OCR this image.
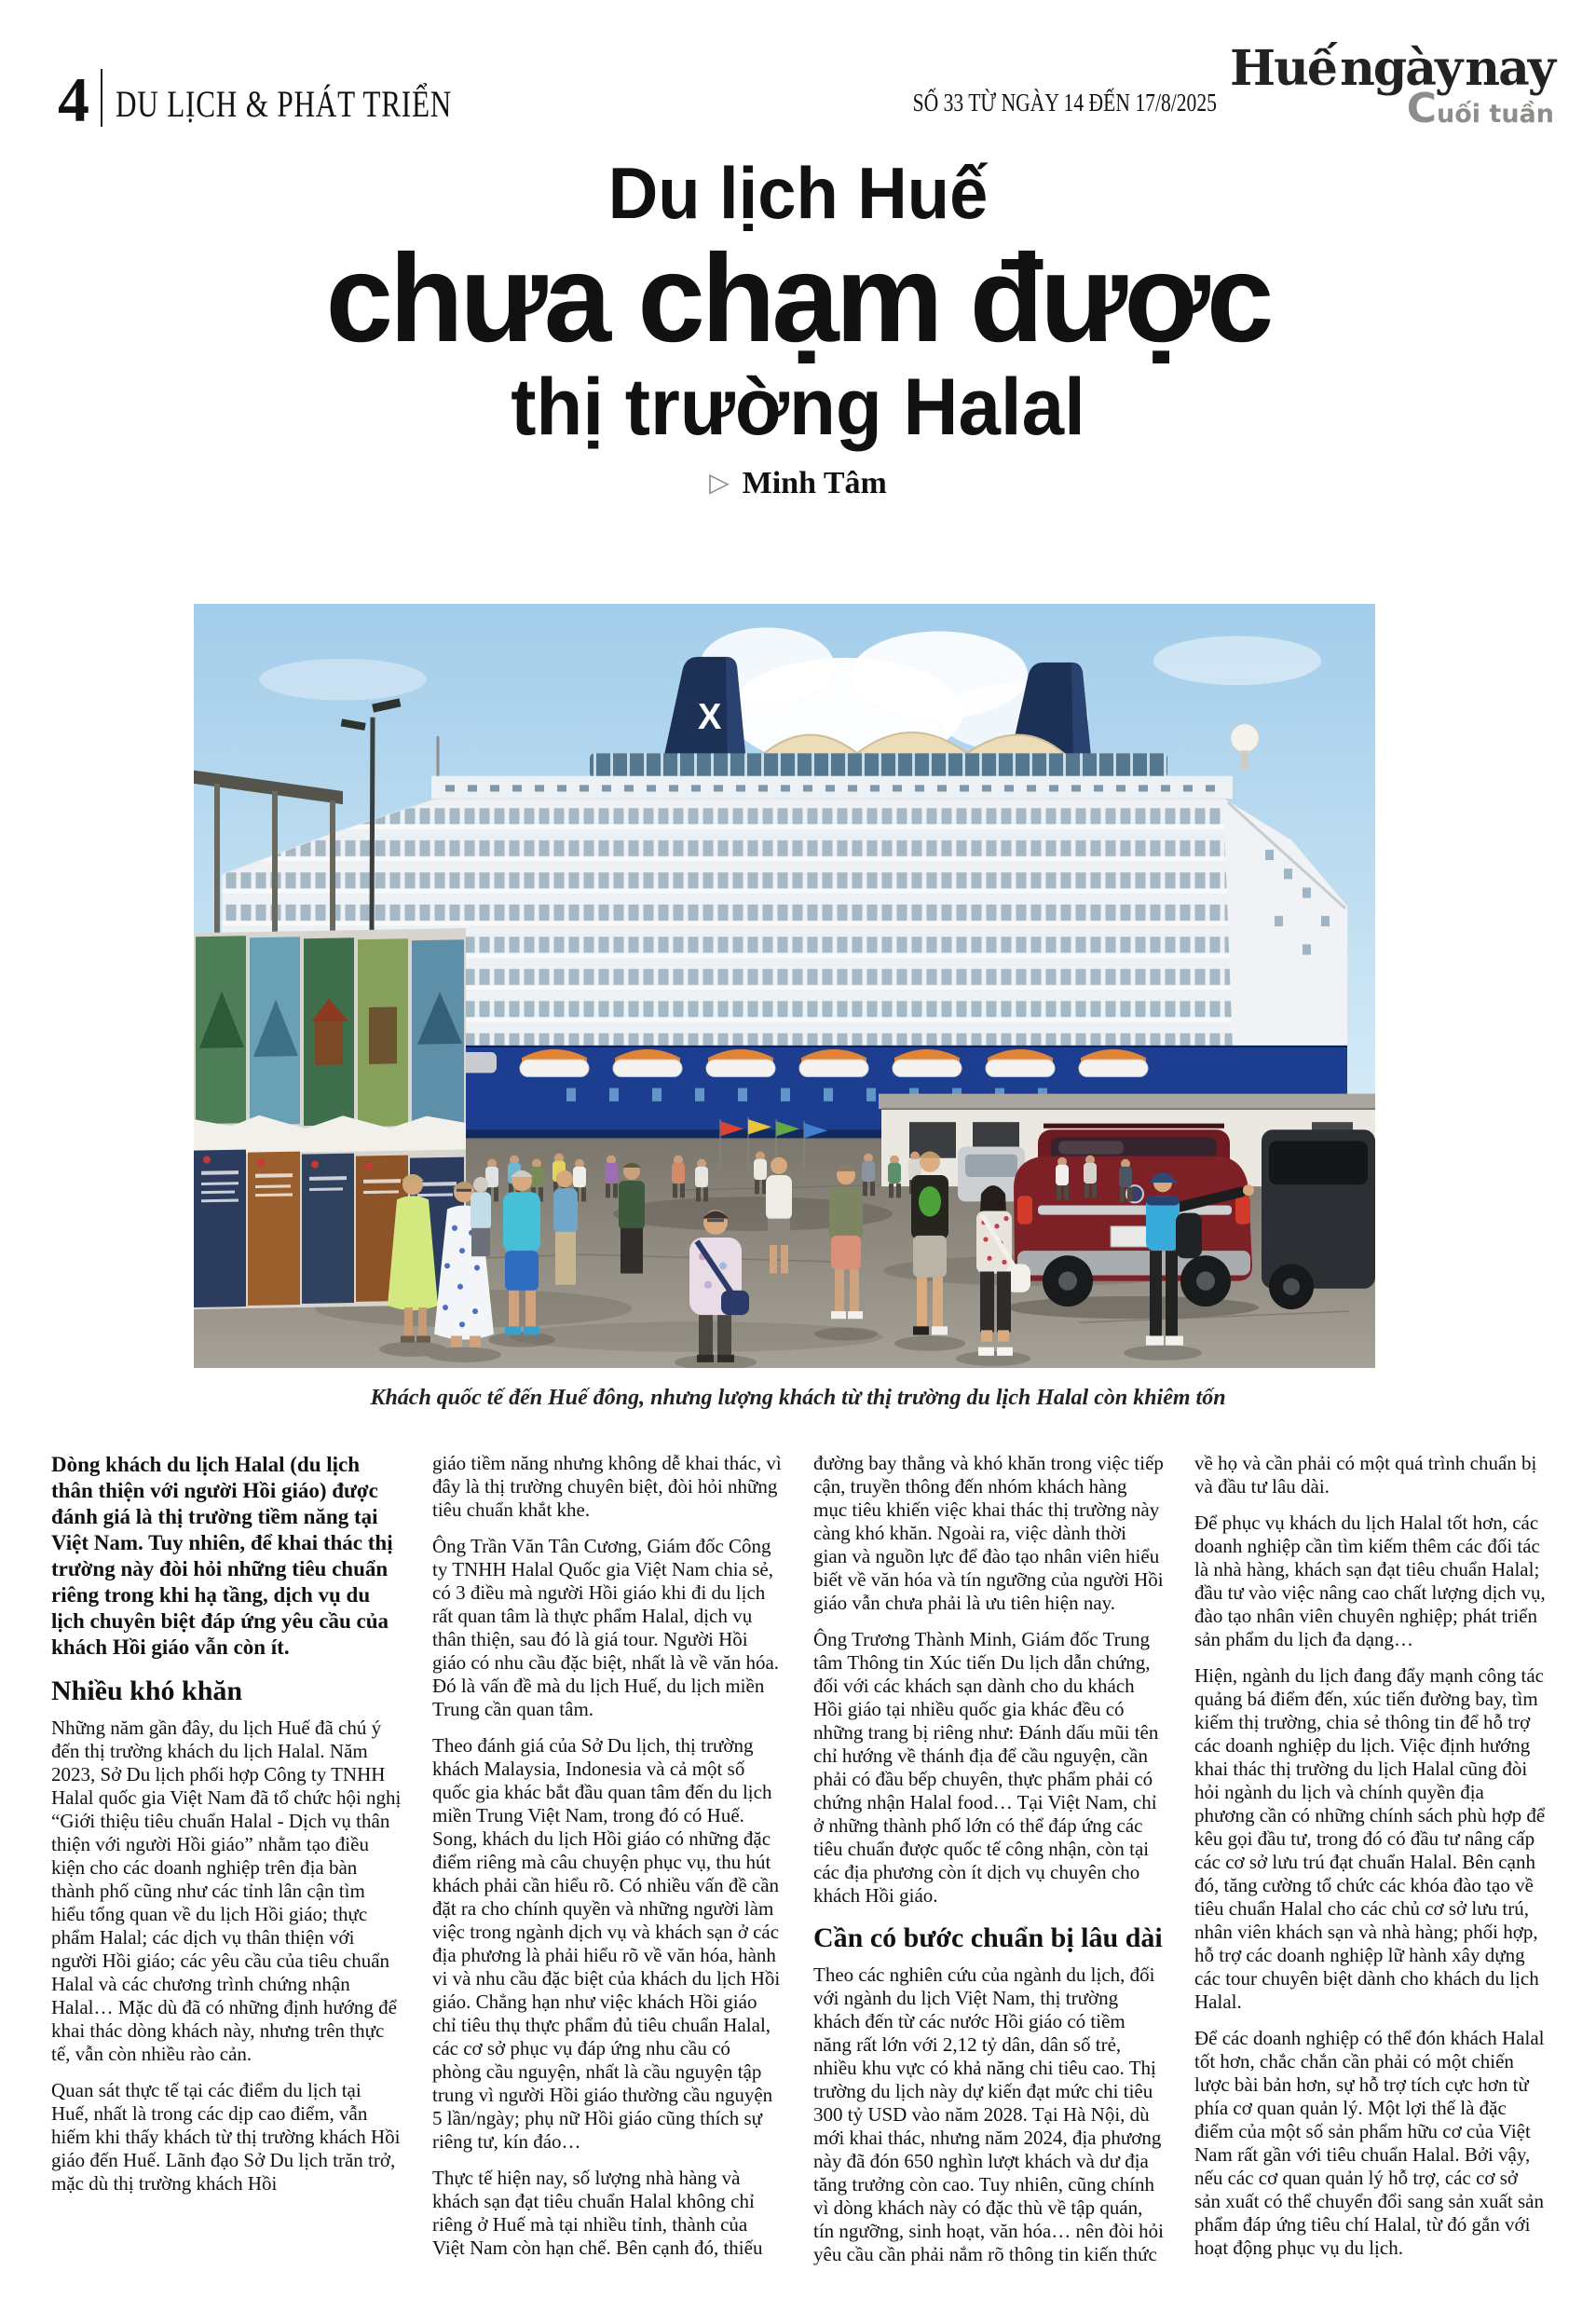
4 DU LỊCH & PHÁT TRIỂN	SỐ 33 TỪ NGÀY 14 ĐẾN 17/8/2025
Huế ngày nay
Cuối tuần
Du lịch Huế
chưa chạm được
thị trường Halal
▷ Minh Tâm
X
Khách quốc tế đến Huế đông, nhưng lượng khách từ thị trường du lịch Halal còn khiêm tốn

Dòng khách du lịch Halal (du lịch thân thiện với người Hồi giáo) được đánh giá là thị trường tiềm năng tại Việt Nam. Tuy nhiên, để khai thác thị trường này đòi hỏi những tiêu chuẩn riêng trong khi hạ tầng, dịch vụ du lịch chuyên biệt đáp ứng yêu cầu của khách Hồi giáo vẫn còn ít.

Nhiều khó khăn

Những năm gần đây, du lịch Huế đã chú ý đến thị trường khách du lịch Halal. Năm 2023, Sở Du lịch phối hợp Công ty TNHH Halal quốc gia Việt Nam đã tổ chức hội nghị “Giới thiệu tiêu chuẩn Halal - Dịch vụ thân thiện với người Hồi giáo” nhằm tạo điều kiện cho các doanh nghiệp trên địa bàn thành phố cũng như các tỉnh lân cận tìm hiểu tổng quan về du lịch Hồi giáo; thực phẩm Halal; các dịch vụ thân thiện với người Hồi giáo; các yêu cầu của tiêu chuẩn Halal và các chương trình chứng nhận Halal… Mặc dù đã có những định hướng để khai thác dòng khách này, nhưng trên thực tế, vẫn còn nhiều rào cản.

Quan sát thực tế tại các điểm du lịch tại Huế, nhất là trong các dịp cao điểm, vẫn hiếm khi thấy khách từ thị trường khách Hồi giáo đến Huế. Lãnh đạo Sở Du lịch trăn trở, mặc dù thị trường khách Hồi

giáo tiềm năng nhưng không dễ khai thác, vì đây là thị trường chuyên biệt, đòi hỏi những tiêu chuẩn khắt khe.

Ông Trần Văn Tân Cương, Giám đốc Công ty TNHH Halal Quốc gia Việt Nam chia sẻ, có 3 điều mà người Hồi giáo khi đi du lịch rất quan tâm là thực phẩm Halal, dịch vụ thân thiện, sau đó là giá tour. Người Hồi giáo có nhu cầu đặc biệt, nhất là về văn hóa. Đó là vấn đề mà du lịch Huế, du lịch miền Trung cần quan tâm.

Theo đánh giá của Sở Du lịch, thị trường khách Malaysia, Indonesia và cả một số quốc gia khác bắt đầu quan tâm đến du lịch miền Trung Việt Nam, trong đó có Huế. Song, khách du lịch Hồi giáo có những đặc điểm riêng mà câu chuyện phục vụ, thu hút khách phải cần hiểu rõ. Có nhiều vấn đề cần đặt ra cho chính quyền và những người làm việc trong ngành dịch vụ và khách sạn ở các địa phương là phải hiểu rõ về văn hóa, hành vi và nhu cầu đặc biệt của khách du lịch Hồi giáo. Chẳng hạn như việc khách Hồi giáo chỉ tiêu thụ thực phẩm đủ tiêu chuẩn Halal, các cơ sở phục vụ đáp ứng nhu cầu có phòng cầu nguyện, nhất là cầu nguyện tập trung vì người Hồi giáo thường cầu nguyện 5 lần/ngày; phụ nữ Hồi giáo cũng thích sự riêng tư, kín đáo…

Thực tế hiện nay, số lượng nhà hàng và khách sạn đạt tiêu chuẩn Halal không chỉ riêng ở Huế mà tại nhiều tỉnh, thành của Việt Nam còn hạn chế. Bên cạnh đó, thiếu

đường bay thẳng và khó khăn trong việc tiếp cận, truyền thông đến nhóm khách hàng mục tiêu khiến việc khai thác thị trường này càng khó khăn. Ngoài ra, việc dành thời gian và nguồn lực để đào tạo nhân viên hiểu biết về văn hóa và tín ngưỡng của người Hồi giáo vẫn chưa phải là ưu tiên hiện nay.

Ông Trương Thành Minh, Giám đốc Trung tâm Thông tin Xúc tiến Du lịch dẫn chứng, đối với các khách sạn dành cho du khách Hồi giáo tại nhiều quốc gia khác đều có những trang bị riêng như: Đánh dấu mũi tên chỉ hướng về thánh địa để cầu nguyện, cần phải có đầu bếp chuyên, thực phẩm phải có chứng nhận Halal food… Tại Việt Nam, chỉ ở những thành phố lớn có thể đáp ứng các tiêu chuẩn được quốc tế công nhận, còn tại các địa phương còn ít dịch vụ chuyên cho khách Hồi giáo.

Cần có bước chuẩn bị lâu dài

Theo các nghiên cứu của ngành du lịch, đối với ngành du lịch Việt Nam, thị trường khách đến từ các nước Hồi giáo có tiềm năng rất lớn với 2,12 tỷ dân, dân số trẻ, nhiều khu vực có khả năng chi tiêu cao. Thị trường du lịch này dự kiến đạt mức chi tiêu 300 tỷ USD vào năm 2028. Tại Hà Nội, dù mới khai thác, nhưng năm 2024, địa phương này đã đón 650 nghìn lượt khách và dư địa tăng trưởng còn cao. Tuy nhiên, cũng chính vì dòng khách này có đặc thù về tập quán, tín ngưỡng, sinh hoạt, văn hóa… nên đòi hỏi yêu cầu cần phải nắm rõ thông tin kiến thức

về họ và cần phải có một quá trình chuẩn bị và đầu tư lâu dài.

Để phục vụ khách du lịch Halal tốt hơn, các doanh nghiệp cần tìm kiếm thêm các đối tác là nhà hàng, khách sạn đạt tiêu chuẩn Halal; đầu tư vào việc nâng cao chất lượng dịch vụ, đào tạo nhân viên chuyên nghiệp; phát triển sản phẩm du lịch đa dạng…

Hiện, ngành du lịch đang đẩy mạnh công tác quảng bá điểm đến, xúc tiến đường bay, tìm kiếm thị trường, chia sẻ thông tin để hỗ trợ các doanh nghiệp du lịch. Việc định hướng khai thác thị trường du lịch Halal cũng đòi hỏi ngành du lịch và chính quyền địa phương cần có những chính sách phù hợp để kêu gọi đầu tư, trong đó có đầu tư nâng cấp các cơ sở lưu trú đạt chuẩn Halal. Bên cạnh đó, tăng cường tổ chức các khóa đào tạo về tiêu chuẩn Halal cho các chủ cơ sở lưu trú, nhân viên khách sạn và nhà hàng; phối hợp, hỗ trợ các doanh nghiệp lữ hành xây dựng các tour chuyên biệt dành cho khách du lịch Halal.

Để các doanh nghiệp có thể đón khách Halal tốt hơn, chắc chắn cần phải có một chiến lược bài bản hơn, sự hỗ trợ tích cực hơn từ phía cơ quan quản lý. Một lợi thế là đặc điểm của một số sản phẩm hữu cơ của Việt Nam rất gần với tiêu chuẩn Halal. Bởi vậy, nếu các cơ quan quản lý hỗ trợ, các cơ sở sản xuất có thể chuyển đổi sang sản xuất sản phẩm đáp ứng tiêu chí Halal, từ đó gắn với hoạt động phục vụ du lịch.
